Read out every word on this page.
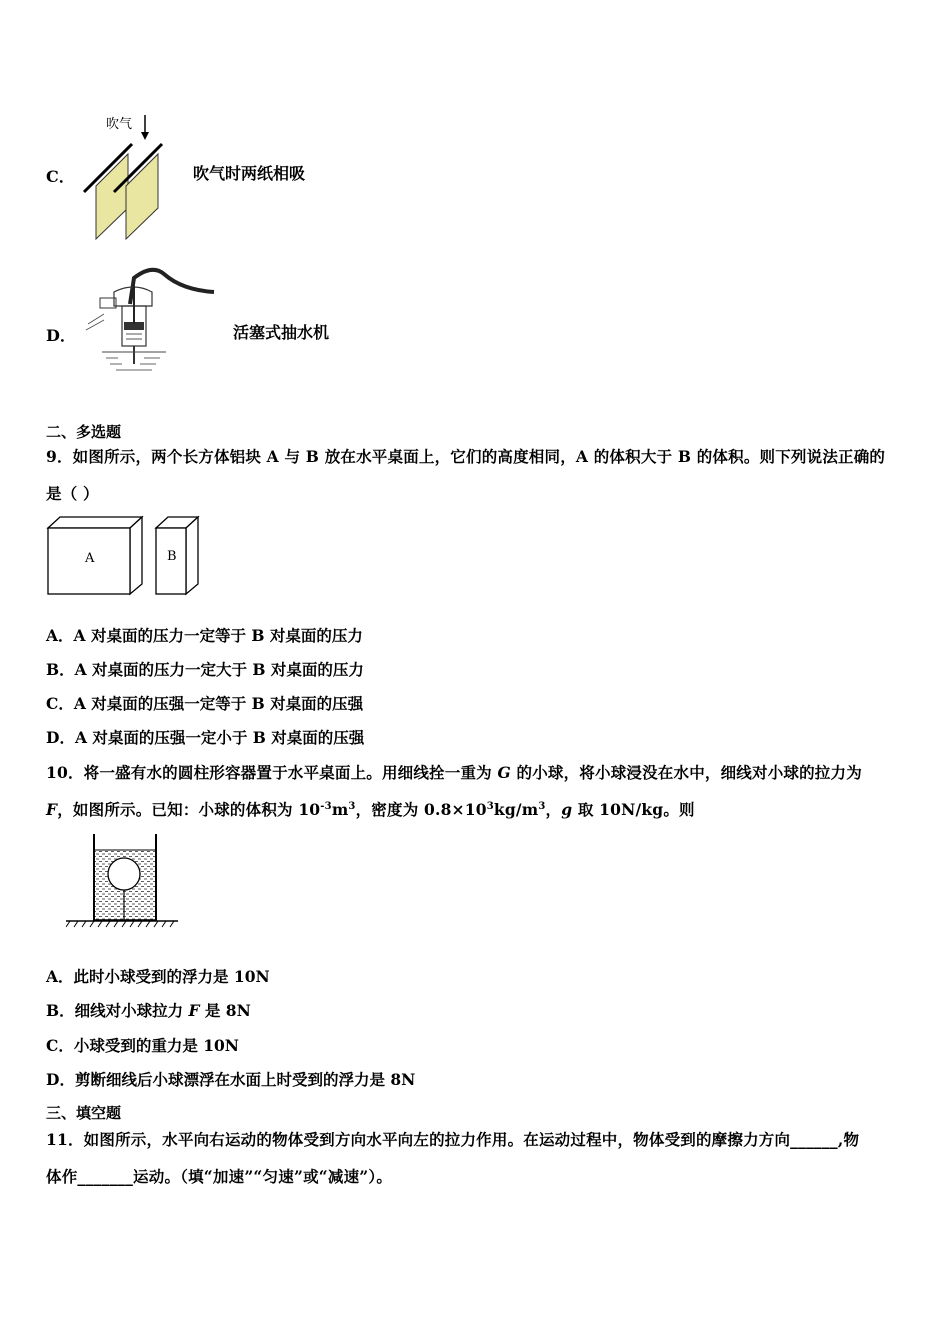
C．
吹气
吹气时两纸相吸
D．	活塞式抽水机
二、多选题
9．如图所示，两个长方体铝块 A 与 B 放在水平桌面上，它们的高度相同，A 的体积大于 B 的体积。则下列说法正确的
是（ ）
A	B
A．A 对桌面的压力一定等于 B 对桌面的压力
B．A 对桌面的压力一定大于 B 对桌面的压力
C．A 对桌面的压强一定等于 B 对桌面的压强
D．A 对桌面的压强一定小于 B 对桌面的压强
10．将一盛有水的圆柱形容器置于水平桌面上。用细线拴一重为 G 的小球，将小球浸没在水中，细线对小球的拉力为
F，如图所示。已知：小球的体积为 $10^{-3}m^3$，密度为 $0.8\times 10^3kg/m^3$，g 取 10N/kg。则
A．此时小球受到的浮力是 10N
B．细线对小球拉力 F 是 8N
C．小球受到的重力是 10N
D．剪断细线后小球漂浮在水面上时受到的浮力是 8N
三、填空题
11．如图所示，水平向右运动的物体受到方向水平向左的拉力作用。在运动过程中，物体受到的摩擦力方向______,物
体作_______运动。（填“加速”“匀速”或“减速”）。
